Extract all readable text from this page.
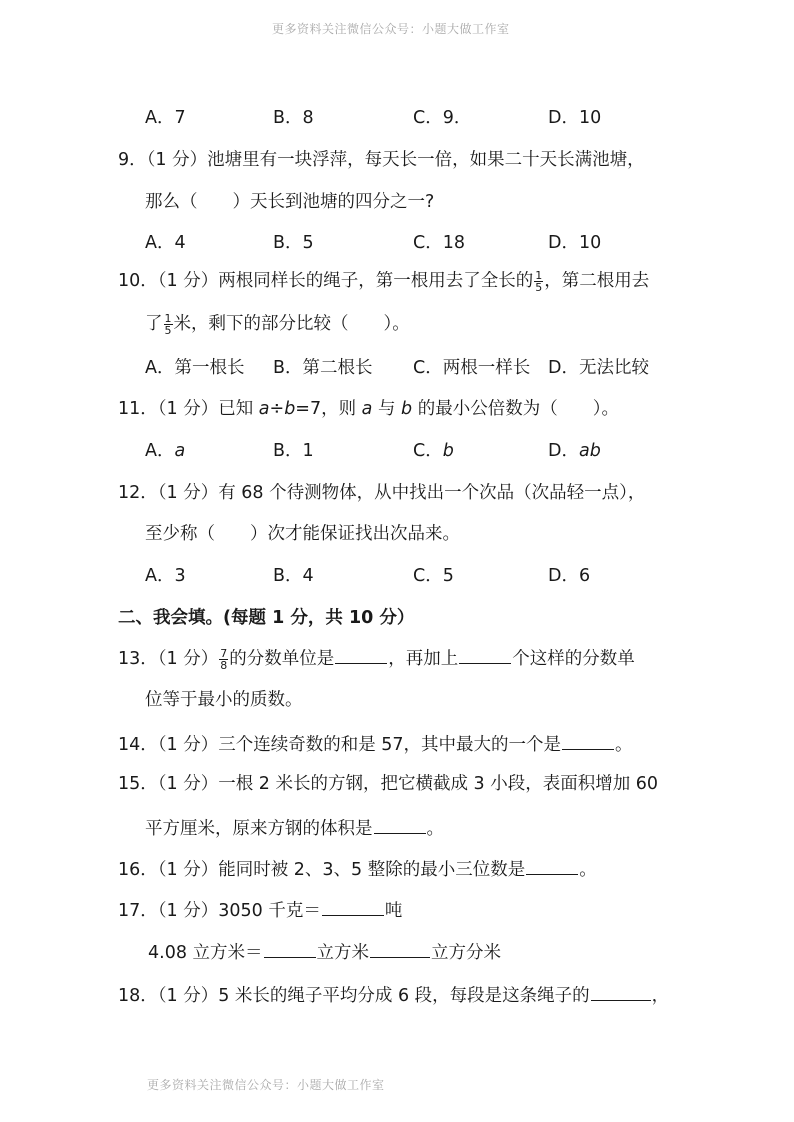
更多资料关注微信公众号：小题大做工作室
A．7	B．8	C．9．	D．10
9．（1 分）池塘里有一块浮萍，每天长一倍，如果二十天长满池塘，
那么（　　）天长到池塘的四分之一?
A．4	B．5	C．18	D．10
10．（1 分）两根同样长的绳子，第一根用去了全长的 $\frac{1}{5}$ ，第二根用去
了 $\frac{1}{5}$ 米，剩下的部分比较（　　）。
A．第一根长 B．第二根长 C．两根一样长 D．无法比较
11．（1 分）已知 a÷b=7，则 a 与 b 的最小公倍数为（　　）。
A．a	B．1	C．b	D．ab
12．（1 分）有 68 个待测物体，从中找出一个次品（次品轻一点），
至少称（　　）次才能保证找出次品来。
A．3	B．4	C．5	D．6
二、我会填。(每题 1 分，共 10 分）
13．（1 分） $\frac{7}{8}$ 的分数单位是	，再加上	个这样的分数单
位等于最小的质数。
14．（1 分）三个连续奇数的和是 57，其中最大的一个是	。
15．（1 分）一根 2 米长的方钢，把它横截成 3 小段，表面积增加 60
平方厘米，原来方钢的体积是	。
16．（1 分）能同时被 2、3、5 整除的最小三位数是	。
17．（1 分）3050 千克＝	吨
4.08 立方米＝	立方米	立方分米
18．（1 分）5 米长的绳子平均分成 6 段，每段是这条绳子的	，
更多资料关注微信公众号：小题大做工作室
